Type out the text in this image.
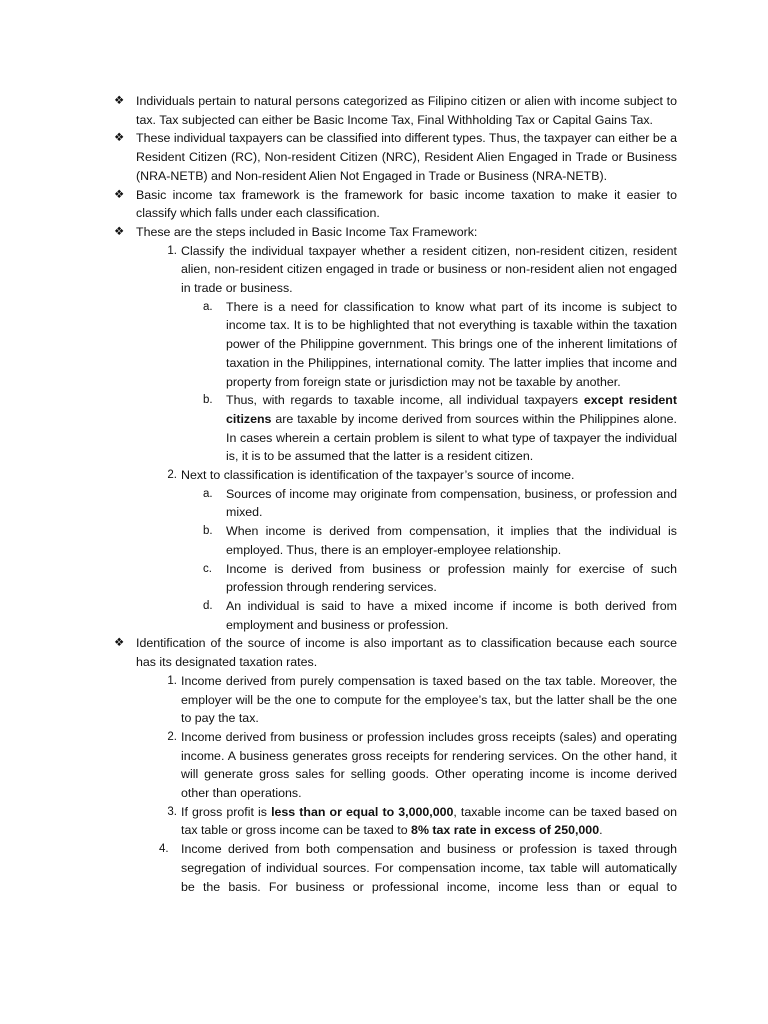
❖ Individuals pertain to natural persons categorized as Filipino citizen or alien with income subject to tax. Tax subjected can either be Basic Income Tax, Final Withholding Tax or Capital Gains Tax.
❖ These individual taxpayers can be classified into different types. Thus, the taxpayer can either be a Resident Citizen (RC), Non-resident Citizen (NRC), Resident Alien Engaged in Trade or Business (NRA-NETB) and Non-resident Alien Not Engaged in Trade or Business (NRA-NETB).
❖ Basic income tax framework is the framework for basic income taxation to make it easier to classify which falls under each classification.
❖ These are the steps included in Basic Income Tax Framework:
1. Classify the individual taxpayer whether a resident citizen, non-resident citizen, resident alien, non-resident citizen engaged in trade or business or non-resident alien not engaged in trade or business.
a. There is a need for classification to know what part of its income is subject to income tax. It is to be highlighted that not everything is taxable within the taxation power of the Philippine government. This brings one of the inherent limitations of taxation in the Philippines, international comity. The latter implies that income and property from foreign state or jurisdiction may not be taxable by another.
b. Thus, with regards to taxable income, all individual taxpayers except resident citizens are taxable by income derived from sources within the Philippines alone. In cases wherein a certain problem is silent to what type of taxpayer the individual is, it is to be assumed that the latter is a resident citizen.
2. Next to classification is identification of the taxpayer’s source of income.
a. Sources of income may originate from compensation, business, or profession and mixed.
b. When income is derived from compensation, it implies that the individual is employed. Thus, there is an employer-employee relationship.
c. Income is derived from business or profession mainly for exercise of such profession through rendering services.
d. An individual is said to have a mixed income if income is both derived from employment and business or profession.
❖ Identification of the source of income is also important as to classification because each source has its designated taxation rates.
1. Income derived from purely compensation is taxed based on the tax table. Moreover, the employer will be the one to compute for the employee’s tax, but the latter shall be the one to pay the tax.
2. Income derived from business or profession includes gross receipts (sales) and operating income. A business generates gross receipts for rendering services. On the other hand, it will generate gross sales for selling goods. Other operating income is income derived other than operations.
3. If gross profit is less than or equal to 3,000,000, taxable income can be taxed based on tax table or gross income can be taxed to 8% tax rate in excess of 250,000.
4.	Income derived from both compensation and business or profession is taxed through segregation of individual sources. For compensation income, tax table will automatically be the basis. For business or professional income, income less than or equal to
